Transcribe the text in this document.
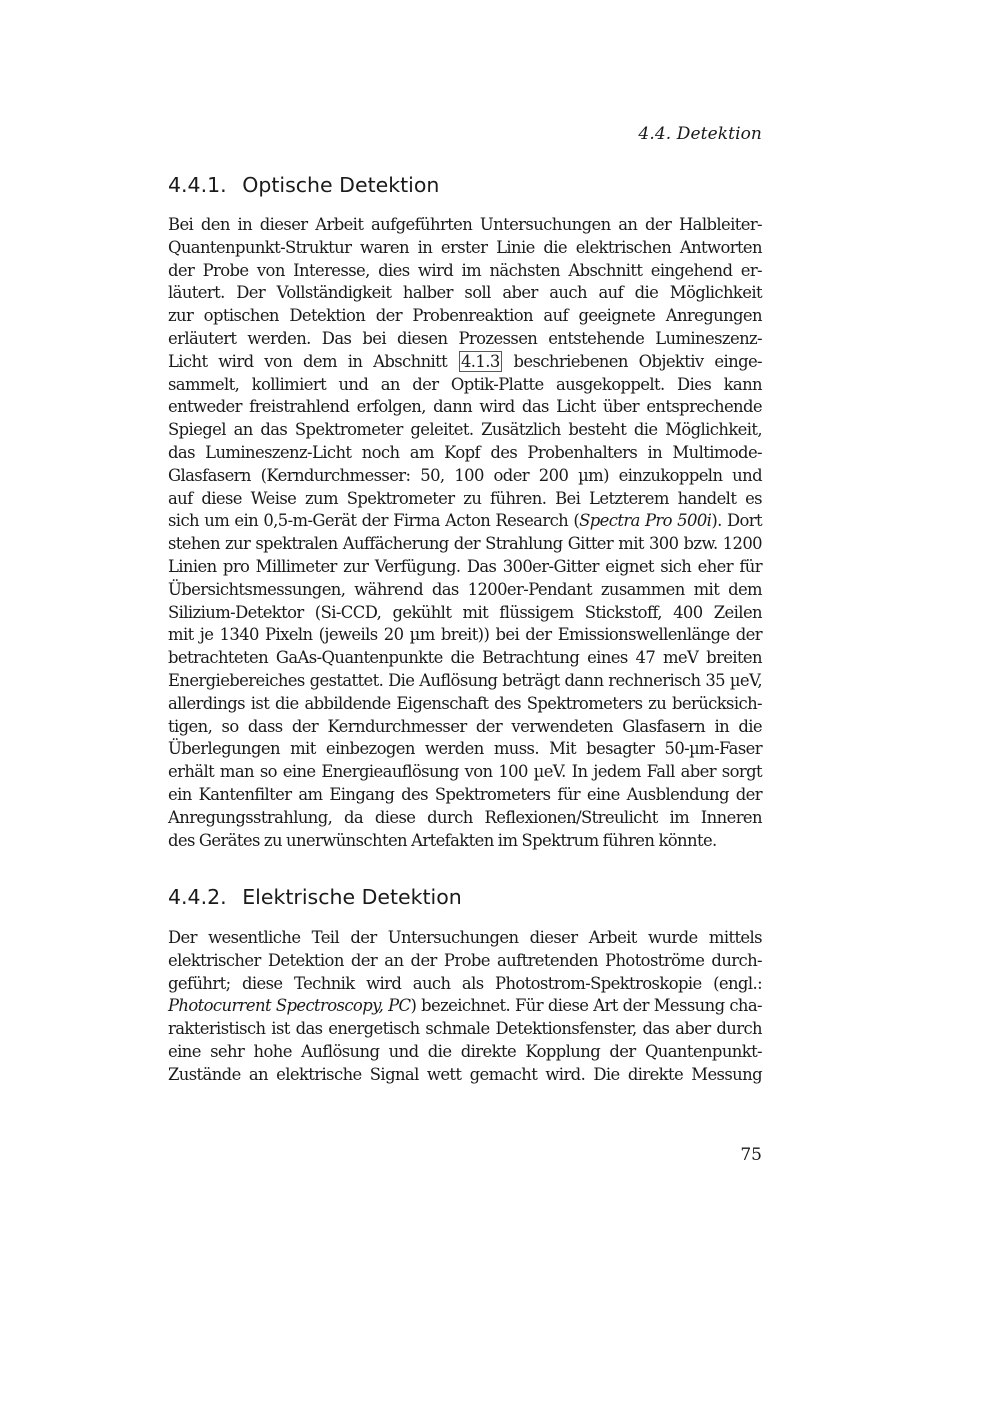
4.4. Detektion
4.4.1. Optische Detektion
Bei den in dieser Arbeit aufgeführten Untersuchungen an der Halbleiter-
Quantenpunkt-Struktur waren in erster Linie die elektrischen Antworten
der Probe von Interesse, dies wird im nächsten Abschnitt eingehend er-
läutert. Der Vollständigkeit halber soll aber auch auf die Möglichkeit
zur optischen Detektion der Probenreaktion auf geeignete Anregungen
erläutert werden. Das bei diesen Prozessen entstehende Lumineszenz-
Licht wird von dem in Abschnitt 4.1.3 beschriebenen Objektiv einge-
sammelt, kollimiert und an der Optik-Platte ausgekoppelt. Dies kann
entweder freistrahlend erfolgen, dann wird das Licht über entsprechende
Spiegel an das Spektrometer geleitet. Zusätzlich besteht die Möglichkeit,
das Lumineszenz-Licht noch am Kopf des Probenhalters in Multimode-
Glasfasern (Kerndurchmesser: 50, 100 oder 200 µm) einzukoppeln und
auf diese Weise zum Spektrometer zu führen. Bei Letzterem handelt es
sich um ein 0,5-m-Gerät der Firma Acton Research (Spectra Pro 500i). Dort
stehen zur spektralen Auffächerung der Strahlung Gitter mit 300 bzw. 1200
Linien pro Millimeter zur Verfügung. Das 300er-Gitter eignet sich eher für
Übersichtsmessungen, während das 1200er-Pendant zusammen mit dem
Silizium-Detektor (Si-CCD, gekühlt mit flüssigem Stickstoff, 400 Zeilen
mit je 1340 Pixeln (jeweils 20 µm breit)) bei der Emissionswellenlänge der
betrachteten GaAs-Quantenpunkte die Betrachtung eines 47 meV breiten
Energiebereiches gestattet. Die Auflösung beträgt dann rechnerisch 35 µeV,
allerdings ist die abbildende Eigenschaft des Spektrometers zu berücksich-
tigen, so dass der Kerndurchmesser der verwendeten Glasfasern in die
Überlegungen mit einbezogen werden muss. Mit besagter 50-µm-Faser
erhält man so eine Energieauflösung von 100 µeV. In jedem Fall aber sorgt
ein Kantenfilter am Eingang des Spektrometers für eine Ausblendung der
Anregungsstrahlung, da diese durch Reflexionen/Streulicht im Inneren
des Gerätes zu unerwünschten Artefakten im Spektrum führen könnte.
4.4.2. Elektrische Detektion
Der wesentliche Teil der Untersuchungen dieser Arbeit wurde mittels
elektrischer Detektion der an der Probe auftretenden Photoströme durch-
geführt; diese Technik wird auch als Photostrom-Spektroskopie (engl.:
Photocurrent Spectroscopy, PC) bezeichnet. Für diese Art der Messung cha-
rakteristisch ist das energetisch schmale Detektionsfenster, das aber durch
eine sehr hohe Auflösung und die direkte Kopplung der Quantenpunkt-
Zustände an elektrische Signal wett gemacht wird. Die direkte Messung
75
